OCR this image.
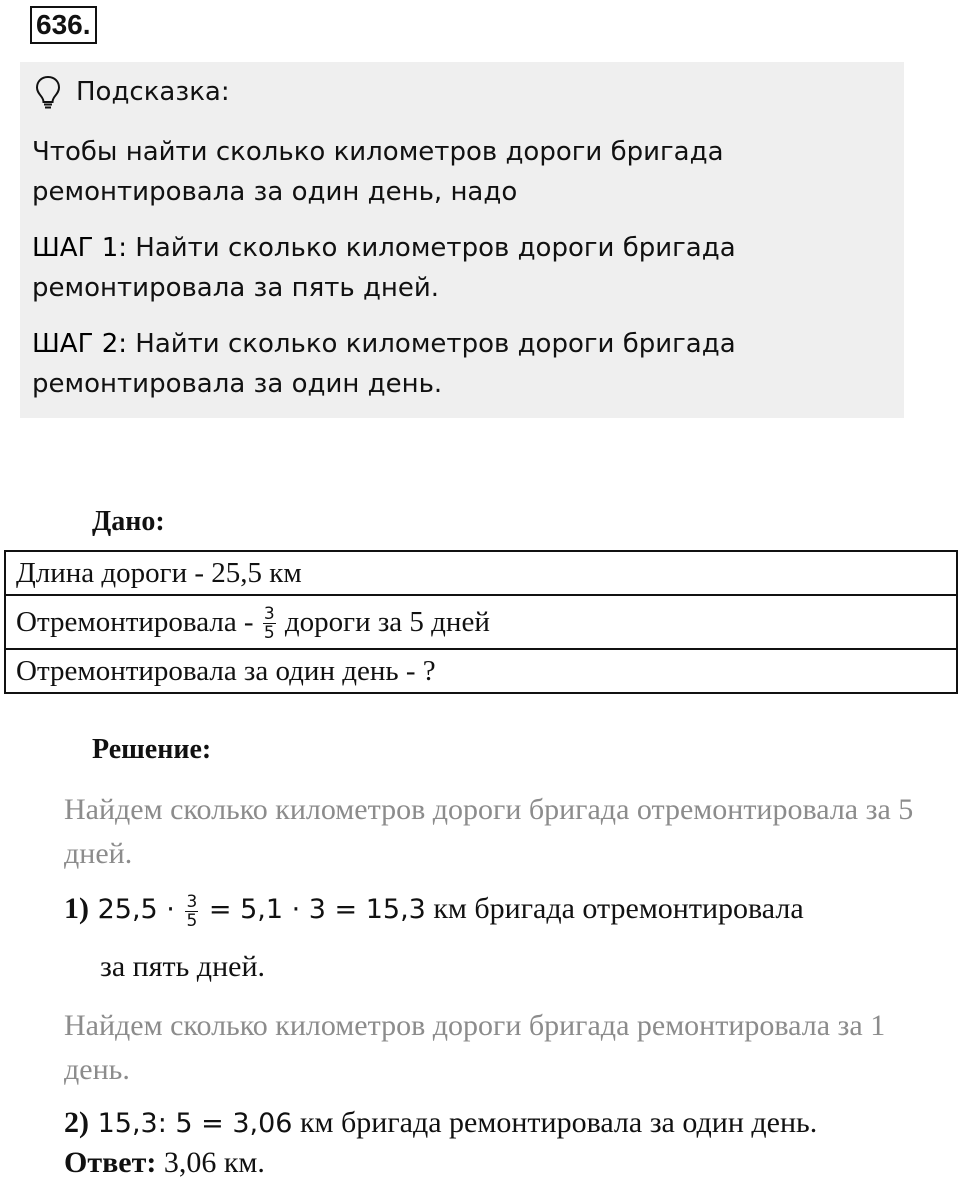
636.
Подсказка:

Чтобы найти сколько километров дороги бригада ремонтировала за один день, надо

ШАГ 1: Найти сколько километров дороги бригада ремонтировала за пять дней.

ШАГ 2: Найти сколько километров дороги бригада ремонтировала за один день.

Дано:
Длина дороги - 25,5 км
Отремонтировала - $\frac{3}{5}$ дороги за 5 дней
Отремонтировала за один день - ?
Решение:

Найдем сколько километров дороги бригада отремонтировала за 5 дней.

1) $25,5 \cdot \frac{3}{5} = 5,1 \cdot 3 = 15,3$ км бригада отремонтировала
за пять дней.

Найдем сколько километров дороги бригада ремонтировала за 1 день.

2) 15,3: 5 = 3,06 км бригада ремонтировала за один день.
Ответ: 3,06 км.
